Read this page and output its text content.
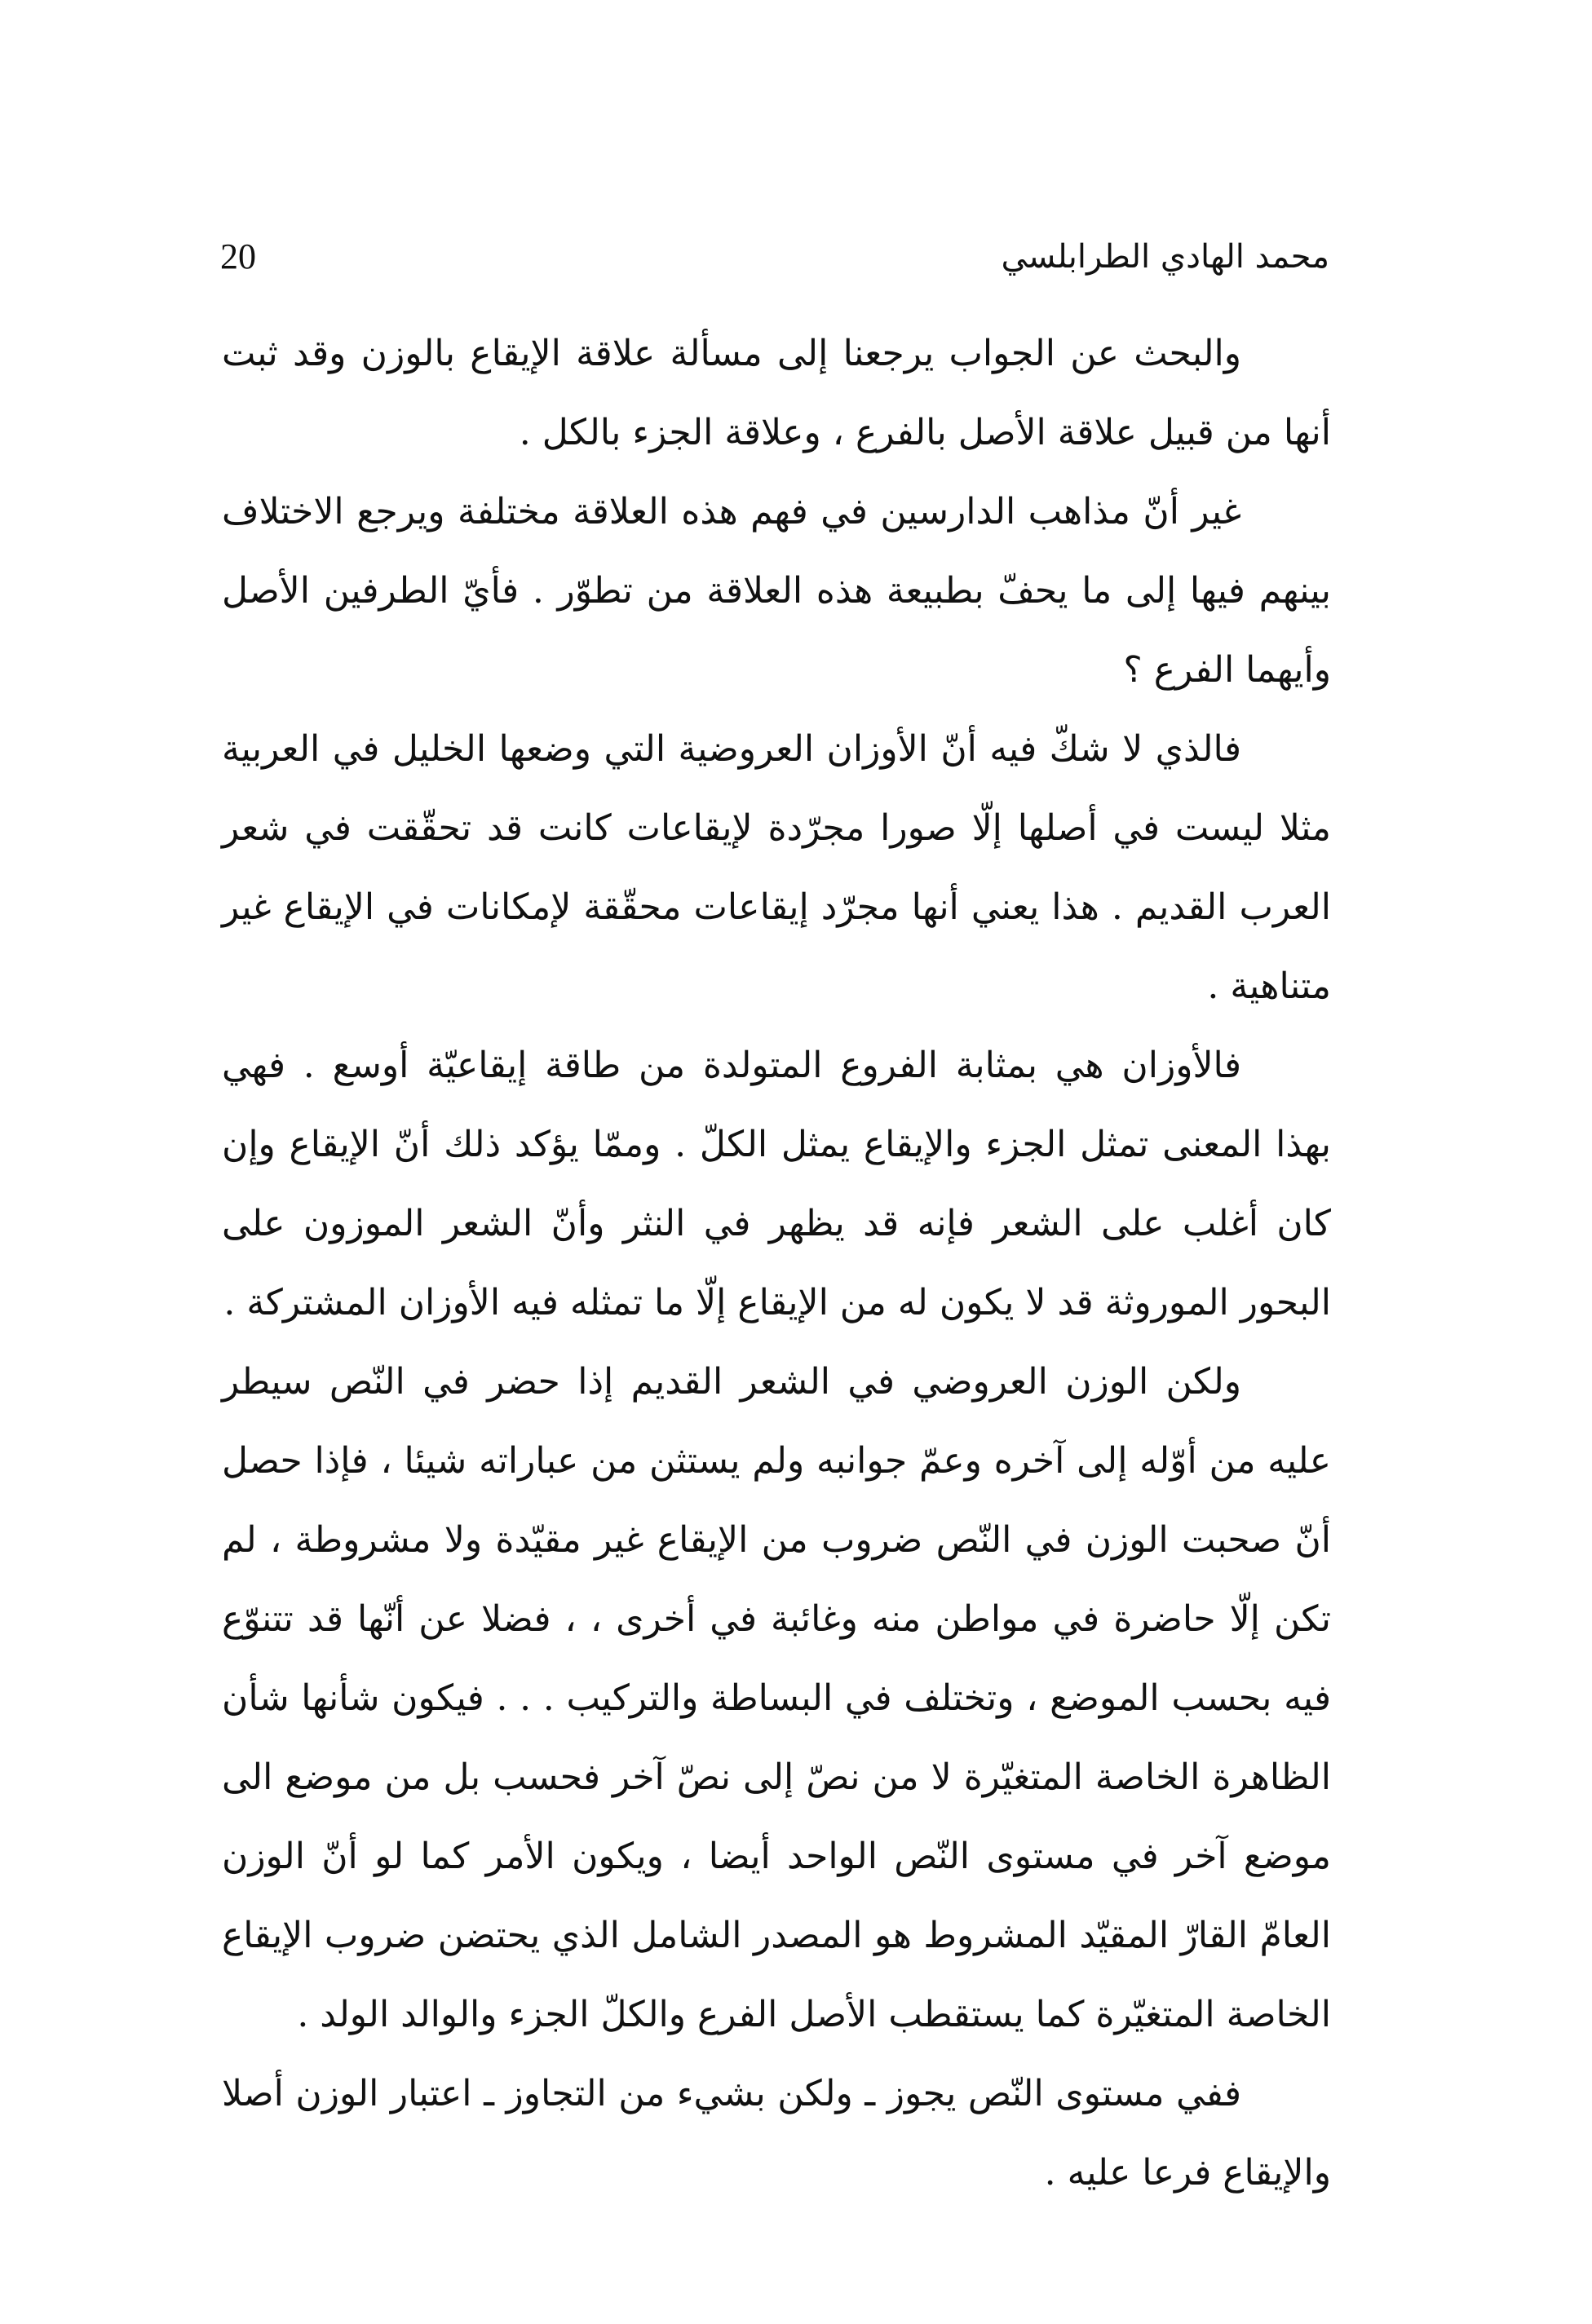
20	محمد الهادي الطرابلسي

والبحث عن الجواب يرجعنا إلى مسألة علاقة الإيقاع بالوزن وقد ثبت أنها من قبيل علاقة الأصل بالفرع ، وعلاقة الجزء بالكل .

غير أنّ مذاهب الدارسين في فهم هذه العلاقة مختلفة ويرجع الاختلاف بينهم فيها إلى ما يحفّ بطبيعة هذه العلاقة من تطوّر . فأيّ الطرفين الأصل وأيهما الفرع ؟

فالذي لا شكّ فيه أنّ الأوزان العروضية التي وضعها الخليل في العربية مثلا ليست في أصلها إلّا صورا مجرّدة لإيقاعات كانت قد تحقّقت في شعر العرب القديم . هذا يعني أنها مجرّد إيقاعات محقّقة لإمكانات في الإيقاع غير متناهية .

فالأوزان هي بمثابة الفروع المتولدة من طاقة إيقاعيّة أوسع . فهي بهذا المعنى تمثل الجزء والإيقاع يمثل الكلّ . وممّا يؤكد ذلك أنّ الإيقاع وإن كان أغلب على الشعر فإنه قد يظهر في النثر وأنّ الشعر الموزون على البحور الموروثة قد لا يكون له من الإيقاع إلّا ما تمثله فيه الأوزان المشتركة .

ولكن الوزن العروضي في الشعر القديم إذا حضر في النّص سيطر عليه من أوّله إلى آخره وعمّ جوانبه ولم يستثن من عباراته شيئا ، فإذا حصل أنّ صحبت الوزن في النّص ضروب من الإيقاع غير مقيّدة ولا مشروطة ، لم تكن إلّا حاضرة في مواطن منه وغائبة في أخرى ، ، فضلا عن أنّها قد تتنوّع فيه بحسب الموضع ، وتختلف في البساطة والتركيب . . . فيكون شأنها شأن الظاهرة الخاصة المتغيّرة لا من نصّ إلى نصّ آخر فحسب بل من موضع الى موضع آخر في مستوى النّص الواحد أيضا ، ويكون الأمر كما لو أنّ الوزن العامّ القارّ المقيّد المشروط هو المصدر الشامل الذي يحتضن ضروب الإيقاع الخاصة المتغيّرة كما يستقطب الأصل الفرع والكلّ الجزء والوالد الولد .

ففي مستوى النّص يجوز ـ ولكن بشيء من التجاوز ـ اعتبار الوزن أصلا والإيقاع فرعا عليه .
